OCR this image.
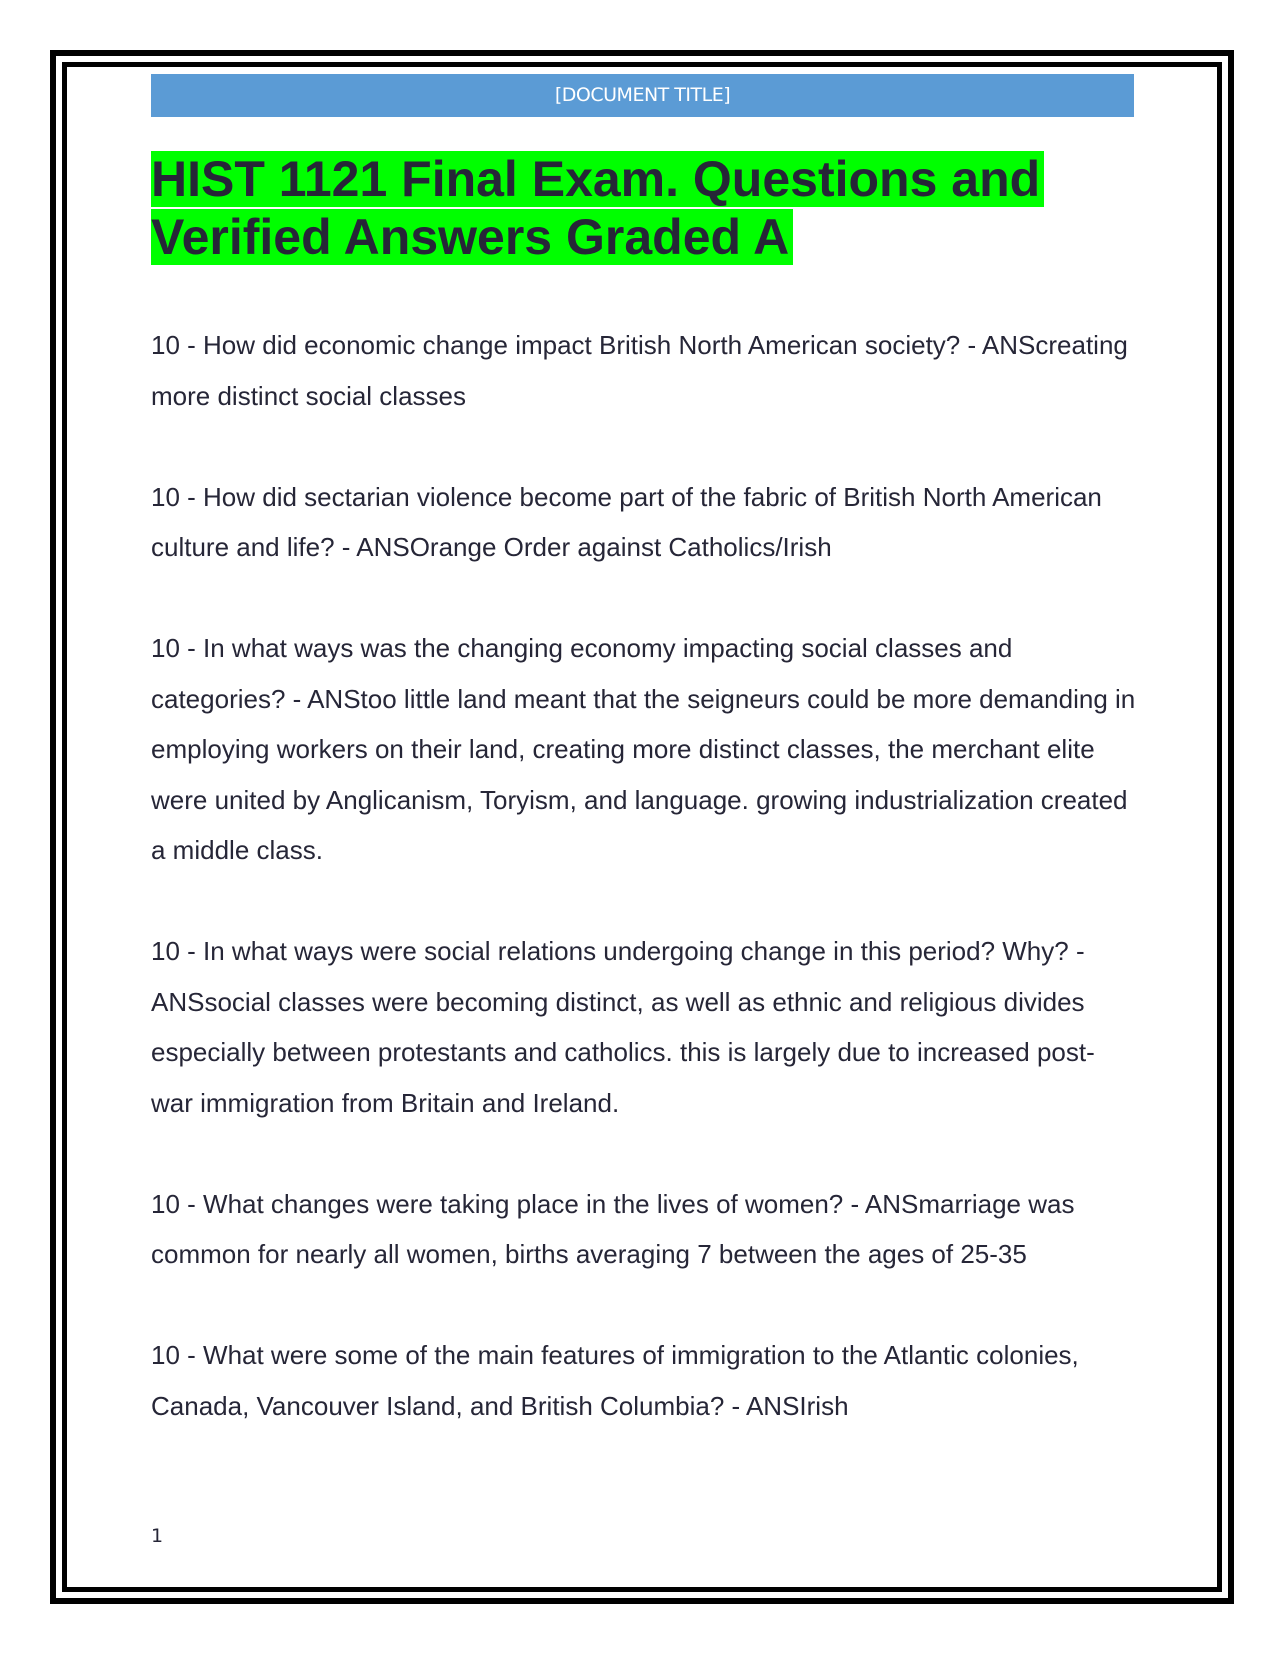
[DOCUMENT TITLE]
HIST 1121 Final Exam. Questions and Verified Answers Graded A

10 - How did economic change impact British North American society? - ANScreating more distinct social classes

10 - How did sectarian violence become part of the fabric of British North American culture and life? - ANSOrange Order against Catholics/Irish

10 - In what ways was the changing economy impacting social classes and categories? - ANStoo little land meant that the seigneurs could be more demanding in employing workers on their land, creating more distinct classes, the merchant elite were united by Anglicanism, Toryism, and language. growing industrialization created a middle class.

10 - In what ways were social relations undergoing change in this period? Why? - ANSsocial classes were becoming distinct, as well as ethnic and religious divides especially between protestants and catholics. this is largely due to increased post-war immigration from Britain and Ireland.

10 - What changes were taking place in the lives of women? - ANSmarriage was common for nearly all women, births averaging 7 between the ages of 25-35

10 - What were some of the main features of immigration to the Atlantic colonies, Canada, Vancouver Island, and British Columbia? - ANSIrish

1
